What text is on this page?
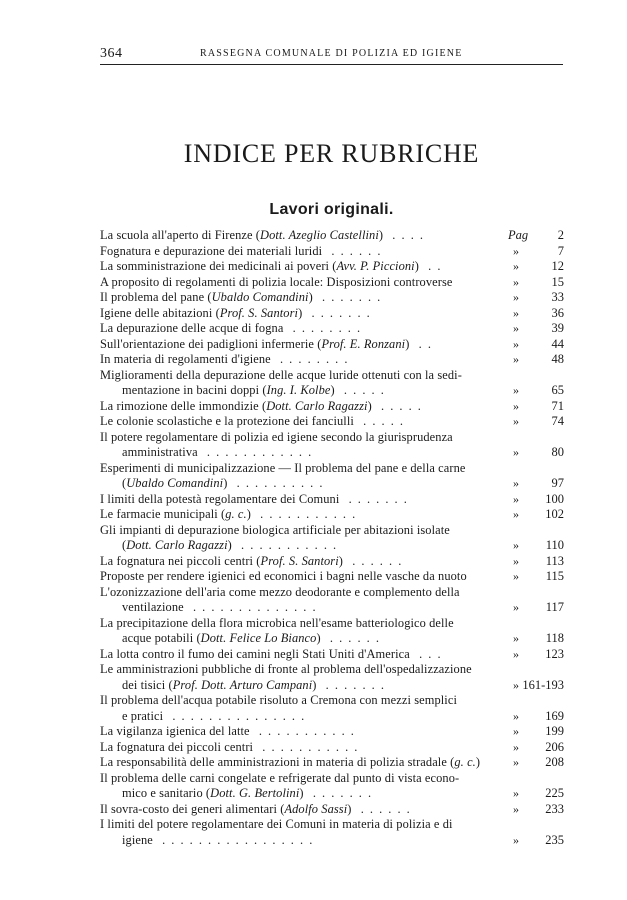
364	RASSEGNA COMUNALE DI POLIZIA ED IGIENE
INDICE PER RUBRICHE
Lavori originali.
Pag
La scuola all'aperto di Firenze (Dott. Azeglio Castellini)  . . . .	2
Fognatura e depurazione dei materiali luridi  . . . . . .	»	7
La somministrazione dei medicinali ai poveri (Avv. P. Piccioni)  . .	»	12
A proposito di regolamenti di polizia locale: Disposizioni controverse	»	15
Il problema del pane (Ubaldo Comandini)  . . . . . . .	»	33
Igiene delle abitazioni (Prof. S. Santori)  . . . . . . .	»	36
La depurazione delle acque di fogna  . . . . . . . .	»	39
Sull'orientazione dei padiglioni infermerie (Prof. E. Ronzani)  . .	»	44
In materia di regolamenti d'igiene  . . . . . . . .	»	48
Miglioramenti della depurazione delle acque luride ottenuti con la sedi-
mentazione in bacini doppi (Ing. I. Kolbe)  . . . . .	»	65
La rimozione delle immondizie (Dott. Carlo Ragazzi)  . . . . .	»	71
Le colonie scolastiche e la protezione dei fanciulli  . . . . .	»	74
Il potere regolamentare di polizia ed igiene secondo la giurisprudenza
amministrativa  . . . . . . . . . . . .	»	80
Esperimenti di municipalizzazione — Il problema del pane e della carne
(Ubaldo Comandini)  . . . . . . . . . .	»	97
I limiti della potestà regolamentare dei Comuni  . . . . . . .	»	100
Le farmacie municipali (g. c.)  . . . . . . . . . . .	»	102
Gli impianti di depurazione biologica artificiale per abitazioni isolate
(Dott. Carlo Ragazzi)  . . . . . . . . . . .	»	110
La fognatura nei piccoli centri (Prof. S. Santori)  . . . . . .	»	113
Proposte per rendere igienici ed economici i bagni nelle vasche da nuoto	»	115
L'ozonizzazione dell'aria come mezzo deodorante e complemento della
ventilazione  . . . . . . . . . . . . . .	»	117
La precipitazione della flora microbica nell'esame batteriologico delle
acque potabili (Dott. Felice Lo Bianco)  . . . . . .	»	118
La lotta contro il fumo dei camini negli Stati Uniti d'America  . . .	»	123
Le amministrazioni pubbliche di fronte al problema dell'ospedalizzazione
dei tisici (Prof. Dott. Arturo Campani)  . . . . . . .	» 161-193
Il problema dell'acqua potabile risoluto a Cremona con mezzi semplici
e pratici  . . . . . . . . . . . . . . .	»	169
La vigilanza igienica del latte  . . . . . . . . . . .	»	199
La fognatura dei piccoli centri  . . . . . . . . . . .	»	206
La responsabilità delle amministrazioni in materia di polizia stradale (g. c.)	»	208
Il problema delle carni congelate e refrigerate dal punto di vista econo-
mico e sanitario (Dott. G. Bertolini)  . . . . . . .	»	225
Il sovra-costo dei generi alimentari (Adolfo Sassi)  . . . . . .	»	233
I limiti del potere regolamentare dei Comuni in materia di polizia e di
igiene  . . . . . . . . . . . . . . . . .	»	235
